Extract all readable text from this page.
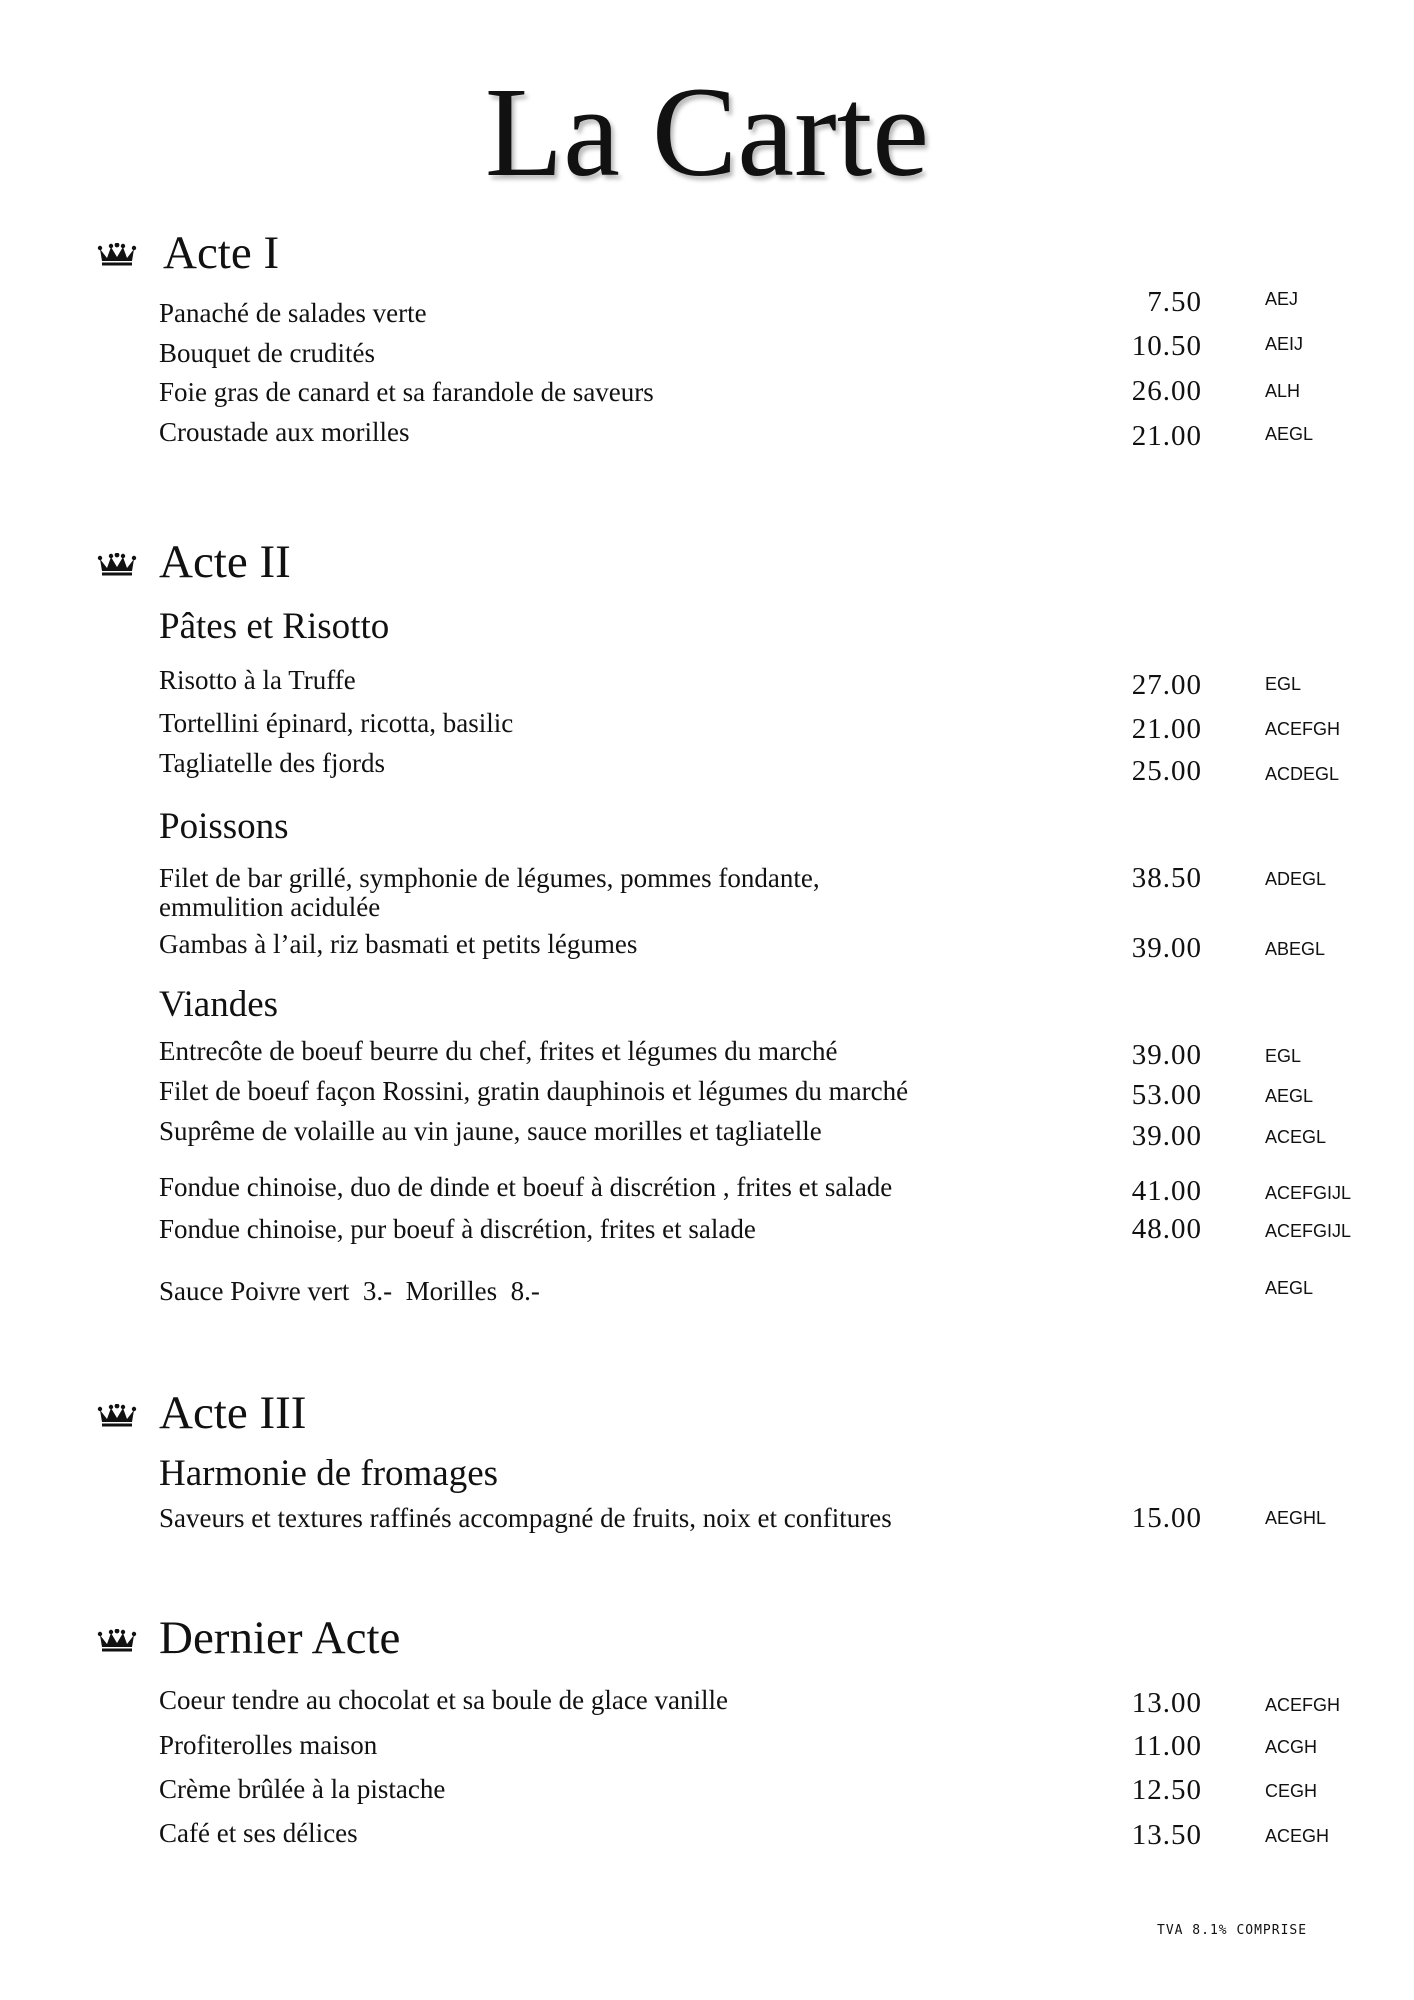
La Carte
Acte I
Panaché de salades verte	7.50	AEJ
Bouquet de crudités	10.50	AEIJ
Foie gras de canard et sa farandole de saveurs	26.00	ALH
Croustade aux morilles	21.00	AEGL
Acte II
Pâtes et Risotto
Risotto à la Truffe	27.00	EGL
Tortellini épinard, ricotta, basilic	21.00	ACEFGH
Tagliatelle des fjords	25.00	ACDEGL
Poissons
Filet de bar grillé, symphonie de légumes, pommes fondante,
emmulition acidulée
38.50	ADEGL
Gambas à l’ail, riz basmati et petits légumes	39.00	ABEGL
Viandes
Entrecôte de boeuf beurre du chef, frites et légumes du marché	39.00	EGL
Filet de boeuf façon Rossini, gratin dauphinois et légumes du marché	53.00	AEGL
Suprême de volaille au vin jaune, sauce morilles et tagliatelle	39.00	ACEGL
Fondue chinoise, duo de dinde et boeuf à discrétion , frites et salade	41.00	ACEFGIJL
Fondue chinoise, pur boeuf à discrétion, frites et salade	48.00	ACEFGIJL
Sauce Poivre vert  3.-  Morilles  8.-	AEGL
Acte III
Harmonie de fromages
Saveurs et textures raffinés accompagné de fruits, noix et confitures	15.00	AEGHL
Dernier Acte
Coeur tendre au chocolat et sa boule de glace vanille	13.00	ACEFGH
Profiterolles maison	11.00	ACGH
Crème brûlée à la pistache	12.50	CEGH
Café et ses délices	13.50	ACEGH
TVA 8.1% COMPRISE
